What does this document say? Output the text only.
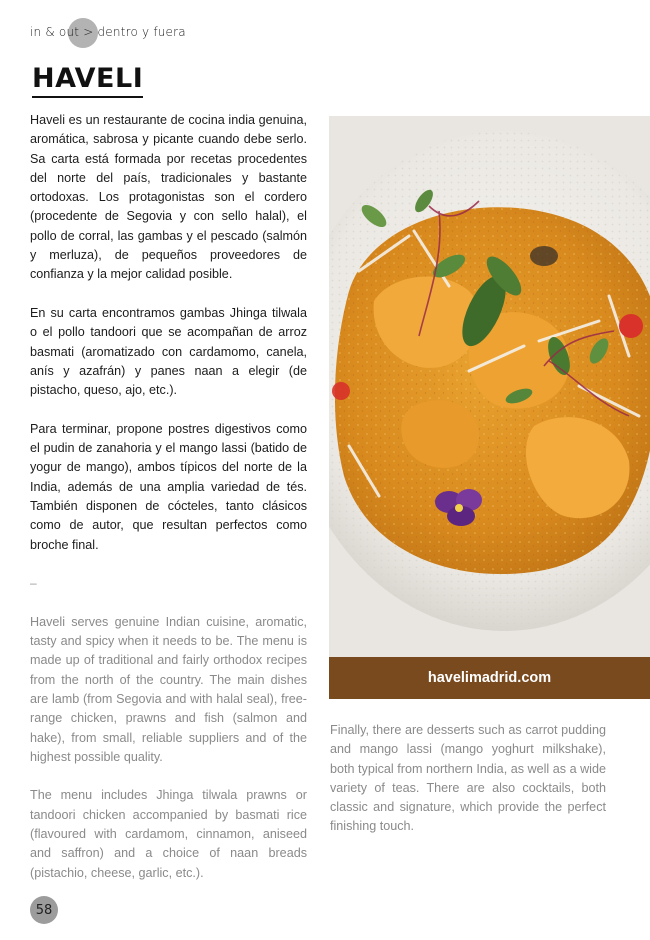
in & out > dentro y fuera
HAVELI

Haveli es un restaurante de cocina india genuina, aromática, sabrosa y picante cuando debe serlo. Sa carta está formada por recetas procedentes del norte del país, tradicionales y bastante ortodoxas. Los protagonistas son el cordero (procedente de Segovia y con sello halal), el pollo de corral, las gambas y el pescado (salmón y merluza), de pequeños proveedores de confianza y la mejor calidad posible.

En su carta encontramos gambas Jhinga tilwala o el pollo tandoori que se acompañan de arroz basmati (aromatizado con cardamomo, canela, anís y azafrán) y panes naan a elegir (de pistacho, queso, ajo, etc.).

Para terminar, propone postres digestivos como el pudin de zanahoria y el mango lassi (batido de yogur de mango), ambos típicos del norte de la India, además de una amplia variedad de tés. También disponen de cócteles, tanto clásicos como de autor, que resultan perfectos como broche final.

–

Haveli serves genuine Indian cuisine, aromatic, tasty and spicy when it needs to be. The menu is made up of traditional and fairly orthodox recipes from the north of the country. The main dishes are lamb (from Segovia and with halal seal), free-range chicken, prawns and fish (salmon and hake), from small, reliable suppliers and of the highest possible quality.

The menu includes Jhinga tilwala prawns or tandoori chicken accompanied by basmati rice (flavoured with cardamom, cinnamon, aniseed and saffron) and a choice of naan breads (pistachio, cheese, garlic, etc.).

havelimadrid.com

Finally, there are desserts such as carrot pudding and mango lassi (mango yoghurt milkshake), both typical from northern India, as well as a wide variety of teas. There are also cocktails, both classic and signature, which provide the perfect finishing touch.

58
